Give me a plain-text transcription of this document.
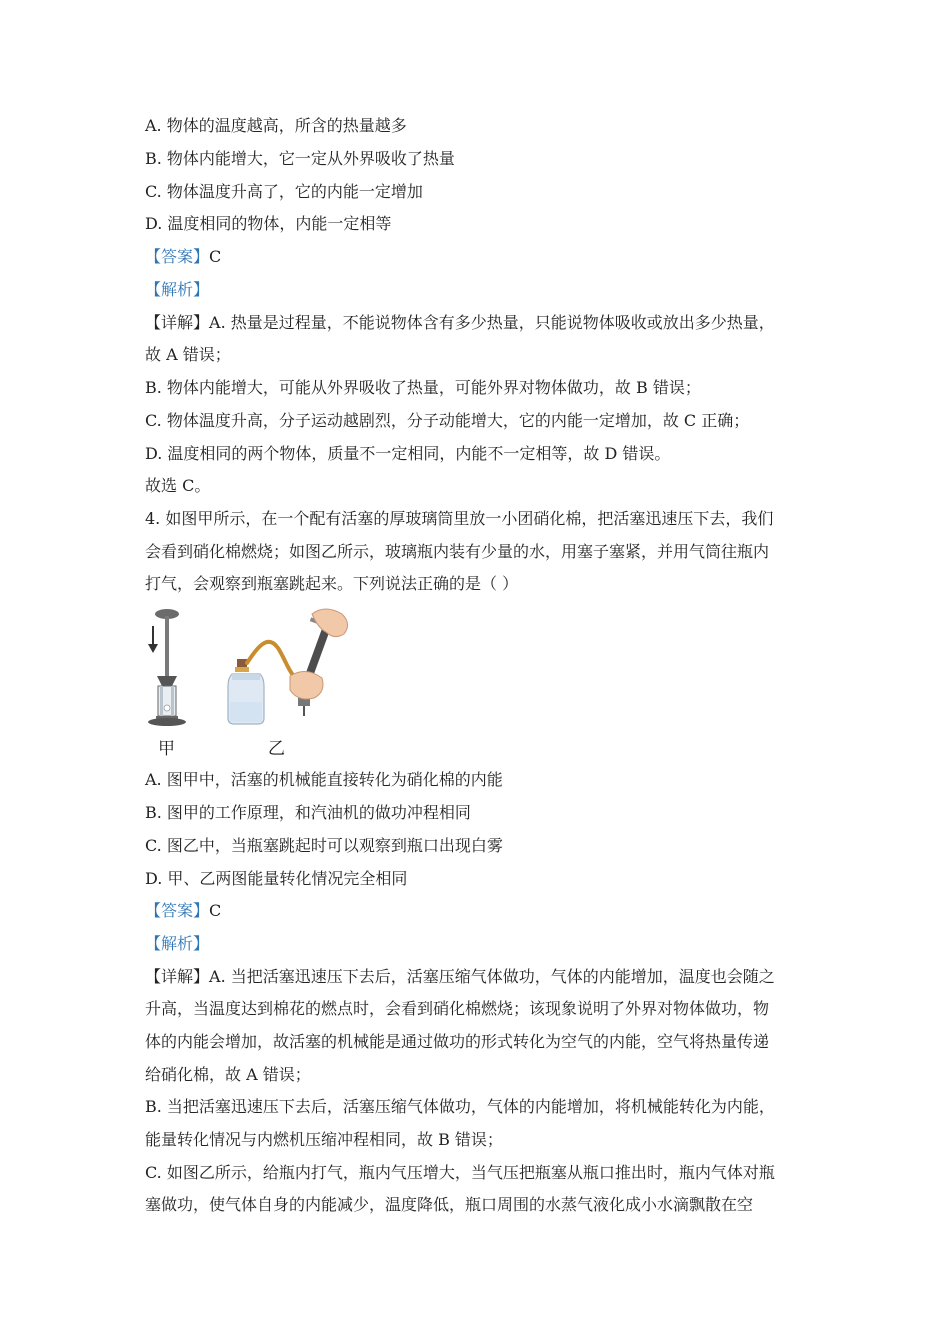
A. 物体的温度越高，所含的热量越多
B. 物体内能增大，它一定从外界吸收了热量
C. 物体温度升高了，它的内能一定增加
D. 温度相同的物体，内能一定相等
【答案】C
【解析】
【详解】A. 热量是过程量，不能说物体含有多少热量，只能说物体吸收或放出多少热量，
故 A 错误；
B. 物体内能增大，可能从外界吸收了热量，可能外界对物体做功，故 B 错误；
C. 物体温度升高，分子运动越剧烈，分子动能增大，它的内能一定增加，故 C 正确；
D. 温度相同的两个物体，质量不一定相同，内能不一定相等，故 D 错误。
故选 C。
4. 如图甲所示，在一个配有活塞的厚玻璃筒里放一小团硝化棉，把活塞迅速压下去，我们
会看到硝化棉燃烧；如图乙所示，玻璃瓶内装有少量的水，用塞子塞紧，并用气筒往瓶内
打气，会观察到瓶塞跳起来。下列说法正确的是（ ）
甲	乙
A. 图甲中，活塞的机械能直接转化为硝化棉的内能
B. 图甲的工作原理，和汽油机的做功冲程相同
C. 图乙中，当瓶塞跳起时可以观察到瓶口出现白雾
D. 甲、乙两图能量转化情况完全相同
【答案】C
【解析】
【详解】A. 当把活塞迅速压下去后，活塞压缩气体做功，气体的内能增加，温度也会随之
升高，当温度达到棉花的燃点时，会看到硝化棉燃烧；该现象说明了外界对物体做功，物
体的内能会增加，故活塞的机械能是通过做功的形式转化为空气的内能，空气将热量传递
给硝化棉，故 A 错误；
B. 当把活塞迅速压下去后，活塞压缩气体做功，气体的内能增加，将机械能转化为内能，
能量转化情况与内燃机压缩冲程相同，故 B 错误；
C. 如图乙所示，给瓶内打气，瓶内气压增大，当气压把瓶塞从瓶口推出时，瓶内气体对瓶
塞做功，使气体自身的内能减少，温度降低，瓶口周围的水蒸气液化成小水滴飘散在空
